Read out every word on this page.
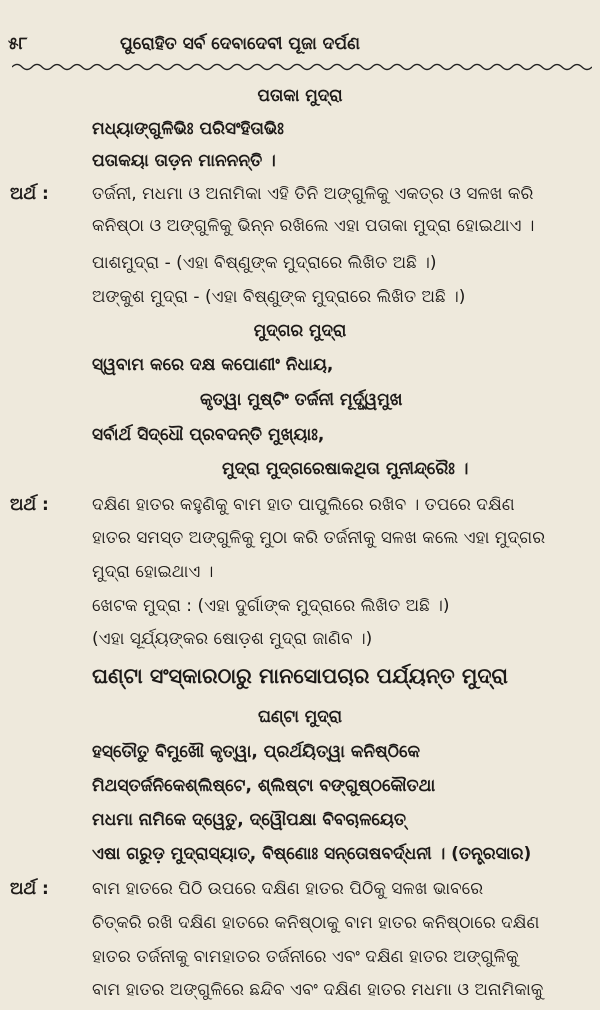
୫୮	ପୁରୋହିତ ସର୍ବ ଦେବାଦେବୀ ପୂଜା ଦର୍ପଣ
ପତାକା ମୁଦ୍ରା
ମଧ୍ୟାଙ୍ଗୁଳିଭିଃ ପରିସଂହିତାଭିଃ
ପତାକୟା ତାଡ଼ନ ମାନନନ୍ତି ।
ଅର୍ଥ :	ତର୍ଜନୀ, ମଧମା ଓ ଅନାମିକା ଏହି ତିନି ଅଙ୍ଗୁଳିକୁ ଏକତ୍ର ଓ ସଳଖ କରି
କନିଷ୍ଠା ଓ ଅଙ୍ଗୁଳିକୁ ଭିନ୍ନ ରଖିଲେ ଏହା ପତାକା ମୁଦ୍ରା ହୋଇଥାଏ ।
ପାଶମୁଦ୍ରା - (ଏହା ବିଷ୍ଣୁଙ୍କ ମୁଦ୍ରାରେ ଲିଖିତ ଅଛି ।)
ଅଙ୍କୁଶ ମୁଦ୍ରା - (ଏହା ବିଷ୍ଣୁଙ୍କ ମୁଦ୍ରାରେ ଲିଖିତ ଅଛି ।)
ମୁଦ୍‌ଗର ମୁଦ୍ରା
ସ୍ୱବାମ କରେ ଦକ୍ଷ କପୋଣୀଂ ନିଧାୟ,
କୃତ୍ୱା ମୁଷ୍ଟିଂ ତର୍ଜନୀ ମୂର୍ଦ୍ଧ୍ୱମୁଖ
ସର୍ବାର୍ଥ ସିଦ୍ଧୌ ପ୍ରବଦନ୍ତି ମୁଖ୍ୟାଃ,
ମୁଦ୍ରା ମୁଦ୍‌ଗରେଷାକଥିତା ମୁନୀନ୍ଦ୍ରୈଃ ।
ଅର୍ଥ :	ଦକ୍ଷିଣ ହାତର କହୁଣିକୁ ବାମ ହାତ ପାପୁଲିରେ ରଖିବ । ତପରେ ଦକ୍ଷିଣ
ହାତର ସମସ୍ତ ଅଙ୍ଗୁଳିକୁ ମୁଠା କରି ତର୍ଜନୀକୁ ସଳଖ କଲେ ଏହା ମୁଦ୍‌ଗର
ମୁଦ୍ରା ହୋଇଥାଏ ।
ଖେଟକ ମୁଦ୍ରା : (ଏହା ଦୁର୍ଗାଙ୍କ ମୁଦ୍ରାରେ ଲିଖିତ ଅଛି ।)
(ଏହା ସୂର୍ଯ୍ୟଙ୍କର ଷୋଡ଼ଶ ମୁଦ୍ରା ଜାଣିବ ।)
ଘଣ୍ଟା ସଂସ୍କାରଠାରୁ ମାନସୋପଚାର ପର୍ଯ୍ୟନ୍ତ ମୁଦ୍ରା
ଘଣ୍ଟା ମୁଦ୍ରା
ହସ୍ତୌତୁ ବିମୁଖୌ କୃତ୍ୱା, ପ୍ରର୍ଥୟିତ୍ୱା କନିଷ୍ଠିକେ
ମିଥସ୍ତର୍ଜନିକେଶ୍ଲିଷ୍ଟେ, ଶ୍ଲିଷ୍ଟା ବଙ୍ଗୁଷ୍ଠକୌତଥା
ମଧମା ନାମିକେ ଦ୍ୱେତୁ, ଦ୍ୱୌପକ୍ଷା ବିବଚାଳୟେତ୍
ଏଷା ଗରୁଡ଼ ମୁଦ୍ରାସ୍ୟାତ୍, ବିଷ୍ଣୋଃ ସନ୍ତୋଷବର୍ଦ୍ଧନୀ । (ତନ୍ତ୍ରସାର)
ଅର୍ଥ :	ବାମ ହାତରେ ପିଠି ଉପରେ ଦକ୍ଷିଣ ହାତର ପିଠିକୁ ସଳଖ ଭାବରେ
ଚିତ୍‌କରି ରଖି ଦକ୍ଷିଣ ହାତରେ କନିଷ୍ଠାକୁ ବାମ ହାତର କନିଷ୍ଠାରେ ଦକ୍ଷିଣ
ହାତର ତର୍ଜନୀକୁ ବାମହାତର ତର୍ଜନୀରେ ଏବଂ ଦକ୍ଷିଣ ହାତର ଅଙ୍ଗୁଳିକୁ
ବାମ ହାତର ଅଙ୍ଗୁଳିରେ ଛନ୍ଦିବ ଏବଂ ଦକ୍ଷିଣ ହାତର ମଧମା ଓ ଅନାମିକାକୁ
